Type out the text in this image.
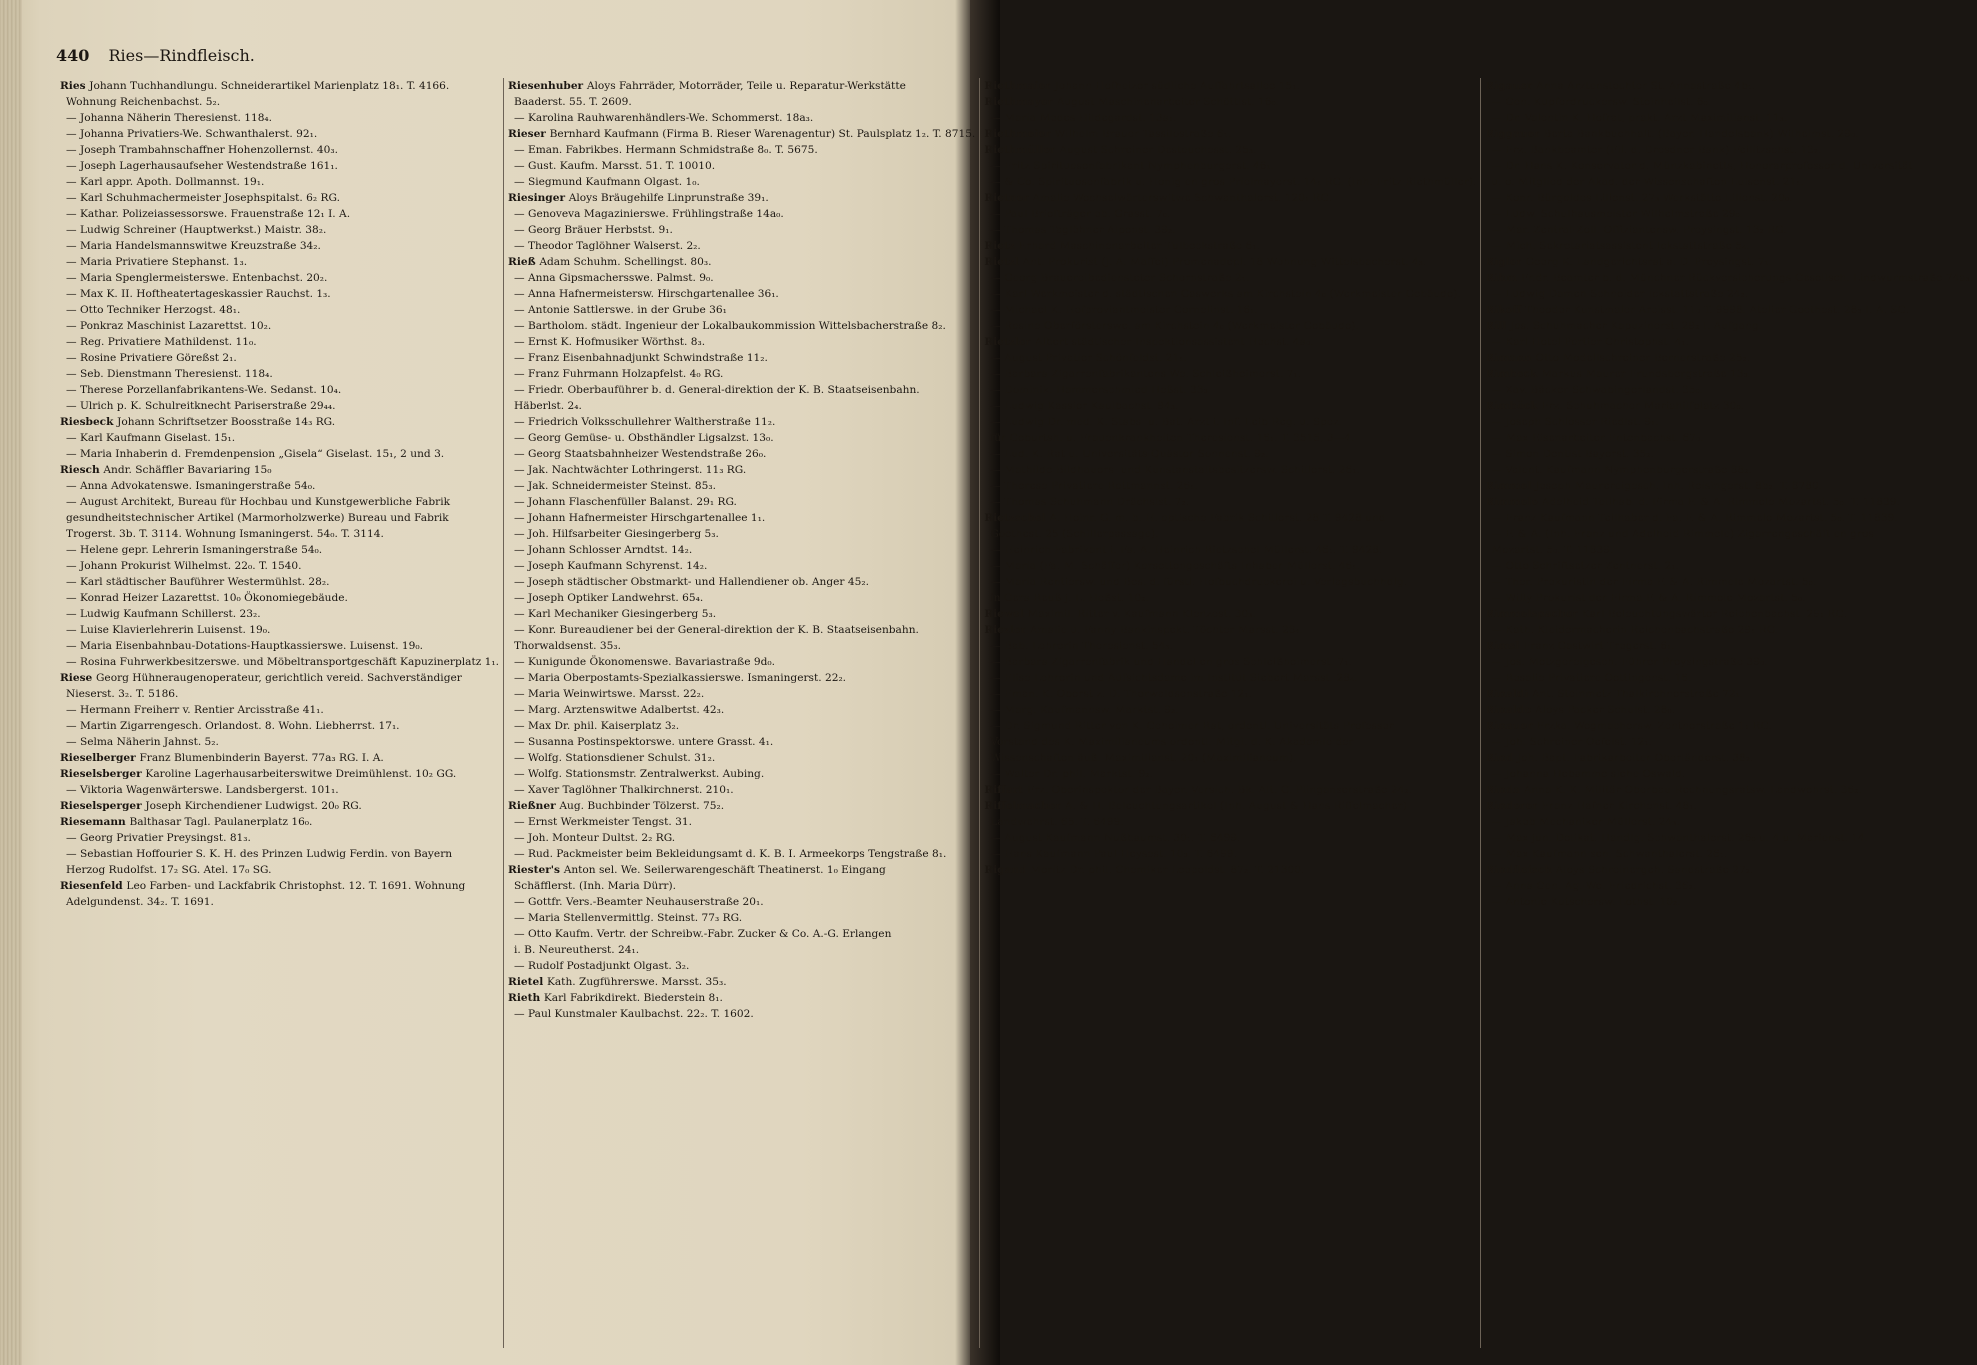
440 Ries—Rindfleisch.
Ries Johann Tuchhandlungu. Schneiderartikel Marienplatz 18₁. T. 4166.
Wohnung Reichenbachst. 5₂.
— Johanna Näherin Theresienst. 118₄.
— Johanna Privatiers-We. Schwanthalerst. 92₁.
— Joseph Trambahnschaffner Hohenzollernst. 40₃.
— Joseph Lagerhausaufseher Westendstraße 161₁.
— Karl appr. Apoth. Dollmannst. 19₁.
— Karl Schuhmachermeister Josephspitalst. 6₂ RG.
— Kathar. Polizeiassessorswe. Frauenstraße 12₁ I. A.
— Ludwig Schreiner (Hauptwerkst.) Maistr. 38₂.
— Maria Handelsmannswitwe Kreuzstraße 34₂.
— Maria Privatiere Stephanst. 1₃.
— Maria Spenglermeisterswe. Entenbachst. 20₂.
— Max K. II. Hoftheatertageskassier Rauchst. 1₃.
— Otto Techniker Herzogst. 48₁.
— Ponkraz Maschinist Lazarettst. 10₂.
— Reg. Privatiere Mathildenst. 11₀.
— Rosine Privatiere Göreßst 2₁.
— Seb. Dienstmann Theresienst. 118₄.
— Therese Porzellanfabrikantens-We. Sedanst. 10₄.
— Ulrich p. K. Schulreitknecht Pariserstraße 29₄₄.
Riesbeck Johann Schriftsetzer Boosstraße 14₃ RG.
— Karl Kaufmann Giselast. 15₁.
— Maria Inhaberin d. Fremdenpension „Gisela“ Giselast. 15₁, 2 und 3.
Riesch Andr. Schäffler Bavariaring 15₀
— Anna Advokatenswe. Ismaningerstraße 54₀.
— August Architekt, Bureau für Hochbau und Kunstgewerbliche Fabrik
gesundheitstechnischer Artikel (Marmorholzwerke) Bureau und Fabrik
Trogerst. 3b. T. 3114. Wohnung Ismaningerst. 54₀. T. 3114.
— Helene gepr. Lehrerin Ismaningerstraße 54₀.
— Johann Prokurist Wilhelmst. 22₀. T. 1540.
— Karl städtischer Bauführer Westermühlst. 28₂.
— Konrad Heizer Lazarettst. 10₀ Ökonomiegebäude.
— Ludwig Kaufmann Schillerst. 23₂.
— Luise Klavierlehrerin Luisenst. 19₀.
— Maria Eisenbahnbau-Dotations-Hauptkassierswe. Luisenst. 19₀.
— Rosina Fuhrwerkbesitzerswe. und Möbeltransportgeschäft Kapuzinerplatz 1₁.
Riese Georg Hühneraugenoperateur, gerichtlich vereid. Sachverständiger
Nieserst. 3₂. T. 5186.
— Hermann Freiherr v. Rentier Arcisstraße 41₁.
— Martin Zigarrengesch. Orlandost. 8. Wohn. Liebherrst. 17₁.
— Selma Näherin Jahnst. 5₂.
Rieselberger Franz Blumenbinderin Bayerst. 77a₃ RG. I. A.
Rieselsberger Karoline Lagerhausarbeiterswitwe Dreimühlenst. 10₂ GG.
— Viktoria Wagenwärterswe. Landsbergerst. 101₁.
Rieselsperger Joseph Kirchendiener Ludwigst. 20₀ RG.
Riesemann Balthasar Tagl. Paulanerplatz 16₀.
— Georg Privatier Preysingst. 81₃.
— Sebastian Hoffourier S. K. H. des Prinzen Ludwig Ferdin. von Bayern
Herzog Rudolfst. 17₂ SG. Atel. 17₀ SG.
Riesenfeld Leo Farben- und Lackfabrik Christophst. 12. T. 1691. Wohnung
Adelgundenst. 34₂. T. 1691.
Riesenhuber Aloys Fahrräder, Motorräder, Teile u. Reparatur-Werkstätte
Baaderst. 55. T. 2609.
— Karolina Rauhwarenhändlers-We. Schommerst. 18a₃.
Rieser Bernhard Kaufmann (Firma B. Rieser Warenagentur) St. Paulsplatz 1₂. T. 8715.
— Eman. Fabrikbes. Hermann Schmidstraße 8₀. T. 5675.
— Gust. Kaufm. Marsst. 51. T. 10010.
— Siegmund Kaufmann Olgast. 1₀.
Riesinger Aloys Bräugehilfe Linprunstraße 39₁.
— Genoveva Magazinierswe. Frühlingstraße 14a₀.
— Georg Bräuer Herbstst. 9₁.
— Theodor Taglöhner Walserst. 2₂.
Rieß Adam Schuhm. Schellingst. 80₃.
— Anna Gipsmachersswe. Palmst. 9₀.
— Anna Hafnermeistersw. Hirschgartenallee 36₁.
— Antonie Sattlerswe. in der Grube 36₁
— Bartholom. städt. Ingenieur der Lokalbaukommission Wittelsbacherstraße 8₂.
— Ernst K. Hofmusiker Wörthst. 8₃.
— Franz Eisenbahnadjunkt Schwindstraße 11₂.
— Franz Fuhrmann Holzapfelst. 4₀ RG.
— Friedr. Oberbauführer b. d. General-direktion der K. B. Staatseisenbahn.
Häberlst. 2₄.
— Friedrich Volksschullehrer Waltherstraße 11₂.
— Georg Gemüse- u. Obsthändler Ligsalzst. 13₀.
— Georg Staatsbahnheizer Westendstraße 26₀.
— Jak. Nachtwächter Lothringerst. 11₃ RG.
— Jak. Schneidermeister Steinst. 85₃.
— Johann Flaschenfüller Balanst. 29₁ RG.
— Johann Hafnermeister Hirschgartenallee 1₁.
— Joh. Hilfsarbeiter Giesingerberg 5₃.
— Johann Schlosser Arndtst. 14₂.
— Joseph Kaufmann Schyrenst. 14₂.
— Joseph städtischer Obstmarkt- und Hallendiener ob. Anger 45₂.
— Joseph Optiker Landwehrst. 65₄.
— Karl Mechaniker Giesingerberg 5₃.
— Konr. Bureaudiener bei der General-direktion der K. B. Staatseisenbahn.
Thorwaldsenst. 35₃.
— Kunigunde Ökonomenswe. Bavariastraße 9d₀.
— Maria Oberpostamts-Spezialkassierswe. Ismaningerst. 22₂.
— Maria Weinwirtswe. Marsst. 22₂.
— Marg. Arztenswitwe Adalbertst. 42₃.
— Max Dr. phil. Kaiserplatz 3₂.
— Susanna Postinspektorswe. untere Grasst. 4₁.
— Wolfg. Stationsdiener Schulst. 31₂.
— Wolfg. Stationsmstr. Zentralwerkst. Aubing.
— Xaver Taglöhner Thalkirchnerst. 210₁.
Rießner Aug. Buchbinder Tölzerst. 75₂.
— Ernst Werkmeister Tengst. 31.
— Joh. Monteur Dultst. 2₂ RG.
— Rud. Packmeister beim Bekleidungsamt d. K. B. I. Armeekorps Tengstraße 8₁.
Riester's Anton sel. We. Seilerwarengeschäft Theatinerst. 1₀ Eingang
Schäfflerst. (Inh. Maria Dürr).
— Gottfr. Vers.-Beamter Neuhauserstraße 20₁.
— Maria Stellenvermittlg. Steinst. 77₃ RG.
— Otto Kaufm. Vertr. der Schreibw.-Fabr. Zucker & Co. A.-G. Erlangen
i. B. Neureutherst. 24₁.
— Rudolf Postadjunkt Olgast. 3₂.
Rietel Kath. Zugführerswe. Marsst. 35₃.
Rieth Karl Fabrikdirekt. Biederstein 8₁.
— Paul Kunstmaler Kaulbachst. 22₂. T. 1602.
Riethmaier Johann Hofheizer südliche Auffahrtsallee 15₁.
Riethmayer August Maschinenarbeiter Schöttlst. 16₀.
— Maria Modes Hildegardst. 13a₁.
Riethmeier Wilhelm Brauer Tassilostraße 6₁.
Riethmüller August Schreiner Destouchesst. 25₃.
— Fritz Spirituosenfabrikant Nymphenburgerst. 46₁.
— & Co. Spirituosenfabrik u. Honig en gros Prielmayerst. 14₁ RG. (Inh. Fritz Riethmüller).
Rietner Amalie Wechselwärterswitwe Schwanthalerst. 120₁ RG.
— Paul Briefträger ob. Grasst. 7₀.
— Thomas Taglöhner Alpenst. 39₂.
Rietz Erhard Maschinenarbeiter Tulbeckstraße 6₁.
Rietzl Ant. Prokurist (J. A. Maffei) Promenadepl. 18 Wohnung Wittelsbacherst. 4₃.
— Georg Brauereibediensteter Schornstraße 2₁.
— Karl Werkmeister d. städtischen Gaswerks am Kirchstein 4₀ (Werkmeister-Gebäude).
— Michael K. Hofproviantmeister Cornelinst. 16₁.
— Rosine Oberförsterswe. am Kirchstein 4₀ (Werkmeister-Gebäude).
Rietzler Albert städtischer Inspektionsassistent Hochst. 4a₀.
— August Privatier Schönfeldst. 21₁.
— Barbara Zigarrenfabrikantens-We. Schleißheimerst. 7₁.
— Dominik. Hammerschmied Heßst. 33₃.
— Ludwig Kassier Kaulbachst. 94₃.
— Ludwig Dr. med. K. Stabs- u. Bat.-Arzt i. Inf.-Leib-Reg. u. Spez.
für Geburtsh. u. Frauenkrankheiten Theresienst. 16₁. T. 3515, 3—4.
— Lud. K. Rat u. Universitäts-Quästor Sonnenst. 9₂.
— Mathilde Bildhauers- und Kunstanstaltsbesitzersw. Schillerst. 26₁.
— Therese Privatiere Rottmannst. 26₁.
— Thomas Schuhmann Drächslst. 7₂.
Rietzschel A. Heinr. G. m. b. H. optische Fabrik Schillerst. 28 T. 9428 und
Goethest. 25 (Schillerpassage).
— Heinrich Fabrikant i. Fa. A. Heinrich Rietzschel Müllerst. 46₁. T. 9428.
— Maria (Fa. M. Schäffer) Korsettengeschäfts-Inhaber Müllerst. 46₁.
— Maria Rentiersw. und Bes. d. fürstl. Hofbuchdruckerei u. Verlagsbuchhdlg.
in Gera Reuß j. L. Heßst. 10₂.
Riewel Maximil. Ritter v. Kaufmann Klenzest. 30₃.
Riezler Amalie u. Fanny Bankinspekt.-Töchter Marsst. 28₄.
— Bab. Lehrerin Theresienst. 54₃.
— Barbara Zigarrenfabrik und Handel en gros Schleißheimerst. 7₁.
— Elise Lehrerin und Aufsichtsdame im Institut Siebert Marsst. 28₄.
— Eman. K. Oberst z. D. Thorwaldsenstraße 12₁.
— Marg. Kaufmannsw. Marktst. 9₂.
— Dr. Sigmund Ritter von K. Geheimer Rat, ordentl. Universitäts-Professor
Vorstand des K. Maximilianeums ordentl. Mitgl. d. K. Akademie der
Wissenschaften äuß. Maximilianst. 20₁ (Maximilianeum).
— Walter Dr. phil. Marktst. 9₂.
Riffart Frz. Oberinspektor der Bayer. Versich.-Bk. Alt.-G. Plinganserstraße 24₂.
Riffelmacher A. & H. Beleuchtungsartikel (Inh. August & Hans Riffelmacher)
Landwehrst. 65. T. 6499.
— August Kaufmann Nußbaumst. 30₁. T. 6499.
— Hans Kaufmann Paul Heysest. 10₃. T. 6499.
Rigand Moritz Dr. phil. Chemiker Leopoldst. 87₂. T. 21300.
Rigauer Anna Arztenstochter St. Annastraße 4b₁.
— Gen. Kupferdruckersw. Steinheilst. 6₀.
— Dr. Valentin K. Hofrat, prakt. Arzt Maximilianst. 11₃.
Riggauer Berta Bankbuchhalt. (Bayer. Handelsbank) Wilhelmst. 29₀.
— Frz. Bankbeamter (Fil. d. Dresdner Bank) Feilitzschst. 13₂.
— Dr. Hans K. Konservator d. Münzkabinetts, Honorarprofessor d. Universität
u. o. Mitglied der Akad. der Wissenschaften Luisenst. 21₁.
— Konr. Bürgoldes Lilienst. 27₃ Werkstätte Lilienst. 20₀.
— Ludw. Schulhausmeister Wilhelmstraße 29₀.
— Mar. Zentral-Zoll.-Offiziantensw. Preysingst. 13₂ RG.
— Mich. Sekretariatsassistent Ickstattstraße 5₄.
Rigler Georg K. Landgerichtsrat a. D. Preysingst. 7₁.
Rihm Fr.dr. Beamter b. d. Münchner Rückversicherungs-Gesellsch. Lindwurmstraße 74a₃.
— Ludwig Damen-Schneider Ickstattstraße 24₂.
Rikoff Theodor Kunstmaler Arcisst. 11₀ T. 9998. Atelier Goethest. 28₃ I. A. SG.
Rill Jos. Schuhmacher Kapuzinerst. 29₂ I. Aufgang.
— Karl Hotel-Portier Christophst. 4₁.
Rimann Otto Modellschreiner Bernerstraße 25₂.
Rimbeck Markus Maurer Frundsbergstraße 13₃.
— Xav. Bäcker Schwabingerlandst. 35₀.
Rimböck Frz. Schuhmacher Mariahilfplatz 30₀.
— Joseph Schlosser Riedlst. 9₁.
— Max Eisenarbeiter Entenbachst. 67₀.
— Simon Dentist Bayerst. 35₂.
— Valent. Kaufmann Nymphenburgerstraße 88₂.
Rimmel Joseph Maurereigesch.-Inh. Reisingerst. 8b₂. T. 8780.
Rimmele Adelheid Teilhab. d. Firma F. & A. Rimmele Mozartst. 5₀. T. 11839.
— Franz Kaufmann Teilhaber d. Fa. F. & A. Rimmele Mozartst. 5₀. T. 11839.
— F. & A. (Inh. Franz und Adelheid Rimmele) Zigarrengeschäft en gros
Mozartst. 5₀. T. 11839.
— Otto Schriftsetzer Zentnerst. 2₁.
— Ther. Prokuristin der Firma F. & A. Rimmele Mozartst. 5₀.
— Willy Prokurist der Firma F. & A. Rimmele Mozartst. 5₀.
Rimmelspacher Karl Beleuchtungswärter Reichenbachst. 29₁ RG.
— Kath. Kleidermacherin Reichenbachstraße 29₁ RG.
Rimsl Franz Gastwirt Trogerst. 6₁.
— Jos. Metzgereigesch.-Führer Preysingstraße 39₀.
— Rosalie Privatiere Oettingenst. 16.
Rinaldi Ant. Steinmetz Thalkirchnerstraße 72₁.
Rinaldo Aloys Packer Schulst. 28₀.
Rinauer Frzka. Wegmachersw. Zentnerstraße 1₁ RG.
— Joh. Schreiner Oefelst. 12₁.
Rind Joh. Bapt. Fabrikarbeiter Oberländerst. 38₂.
— Johanna Hebamme siehe Oswald.
Rinda Anna K. K. Militär-Oberbau-Rechnungsratsw. Landwehrst. 36₂.
Rinderer Franz Hafner Kirchenst. 48₁.
— Jakob Mechaniker Müllerst. 24₃.
— Max jun. Delikat.-Handlg. Schwanthalerst. 26₀ u. 4 u. Marienst. 14.
— Max Kaufmann sen. Schwanthalerst. 26₁.
Rindfleisch Aloys Schreinergeh. Sandstraße 27₂.
— Anna Gen.-Ag.-We. Friedrichst. 36₂.
— Antonie Kutschersw. Lothst. 10₂.
